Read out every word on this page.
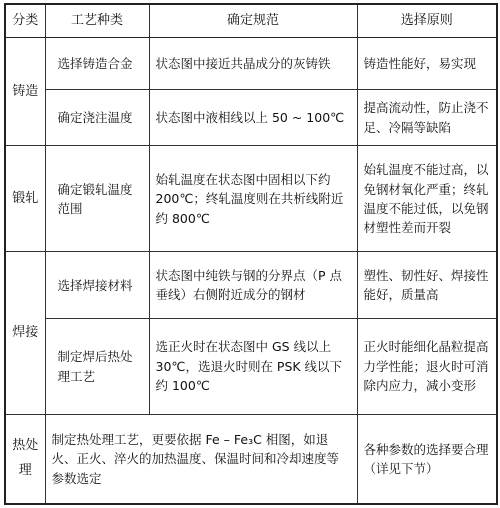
分类	工艺种类	确定规范	选择原则
铸造	选择铸造合金	状态图中接近共晶成分的灰铸铁	铸造性能好，易实现
	确定浇注温度	状态图中液相线以上 50 ~ 100℃	提高流动性，防止浇不足、冷隔等缺陷
锻轧	确定锻轧温度范围	始轧温度在状态图中固相以下约 200℃；终轧温度则在共析线附近约 800℃	始轧温度不能过高，以免钢材氧化严重；终轧温度不能过低，以免钢材塑性差而开裂
焊接	选择焊接材料	状态图中纯铁与钢的分界点（P 点垂线）右侧附近成分的钢材	塑性、韧性好、焊接性能好，质量高
	制定焊后热处理工艺	选正火时在状态图中 GS 线以上 30℃，选退火时则在 PSK 线以下约 100℃	正火时能细化晶粒提高力学性能；退火时可消除内应力，减小变形
热处理	制定热处理工艺，更要依据 Fe – Fe₃C 相图，如退火、正火、淬火的加热温度、保温时间和冷却速度等参数选定		各种参数的选择要合理（详见下节）
